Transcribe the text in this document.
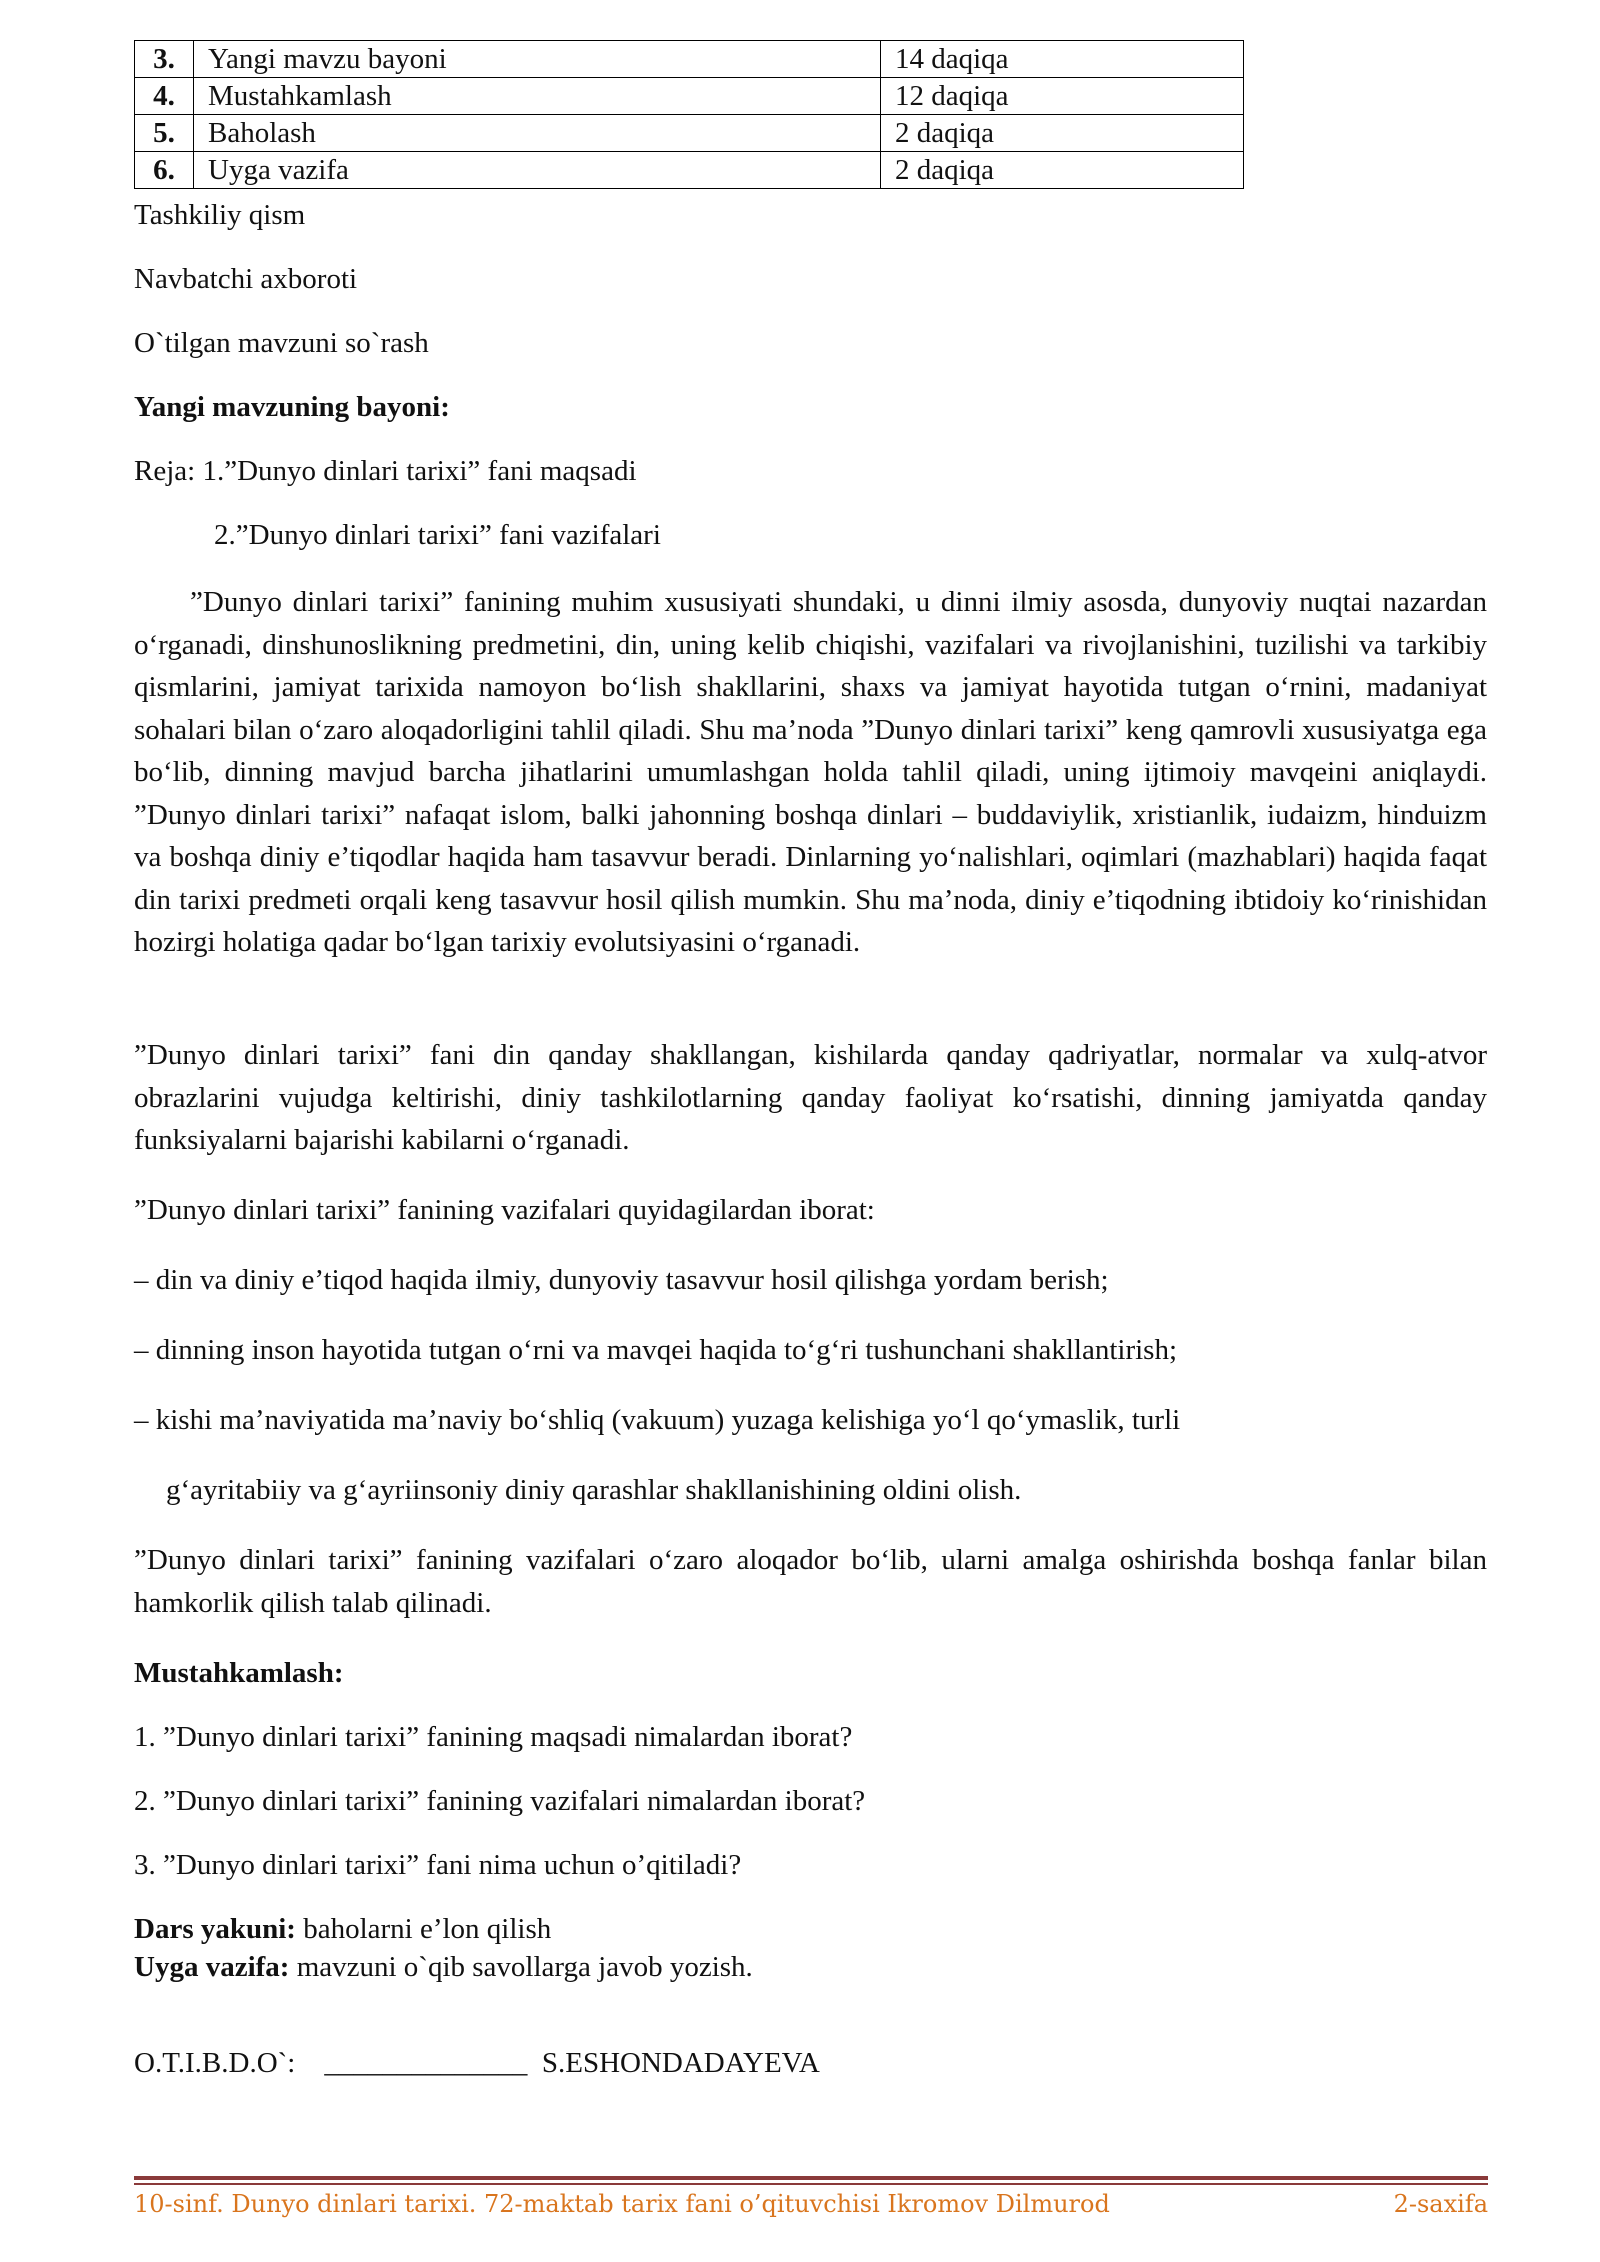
3.	Yangi mavzu bayoni	14 daqiqa
4.	Mustahkamlash	12 daqiqa
5.	Baholash	2 daqiqa
6.	Uyga vazifa	2 daqiqa

Tashkiliy qism

Navbatchi axboroti

O`tilgan mavzuni so`rash

Yangi mavzuning bayoni:

Reja: 1.”Dunyo dinlari tarixi” fani maqsadi

2.”Dunyo dinlari tarixi” fani vazifalari

”Dunyo dinlari tarixi” fanining muhim xususiyati shundaki, u dinni ilmiy asosda, dunyoviy nuqtai nazardan o‘rganadi, dinshunoslikning predmetini, din, uning kelib chiqishi, vazifalari va rivojlanishini, tuzilishi va tarkibiy qismlarini, jamiyat tarixida namoyon bo‘lish shakllarini, shaxs va jamiyat hayotida tutgan o‘rnini, madaniyat sohalari bilan o‘zaro aloqadorligini tahlil qiladi. Shu ma’noda ”Dunyo dinlari tarixi” keng qamrovli xususiyatga ega bo‘lib, dinning mavjud barcha jihatlarini umumlashgan holda tahlil qiladi, uning ijtimoiy mavqeini aniqlaydi. ”Dunyo dinlari tarixi” nafaqat islom, balki jahonning boshqa dinlari – buddaviylik, xristianlik, iudaizm, hinduizm va boshqa diniy e’tiqodlar haqida ham tasavvur beradi. Dinlarning yo‘nalishlari, oqimlari (mazhablari) haqida faqat din tarixi predmeti orqali keng tasavvur hosil qilish mumkin. Shu ma’noda, diniy e’tiqodning ibtidoiy ko‘rinishidan hozirgi holatiga qadar bo‘lgan tarixiy evolutsiyasini o‘rganadi.

”Dunyo dinlari tarixi” fani din qanday shakllangan, kishilarda qanday qadriyatlar, normalar va xulq-atvor obrazlarini vujudga keltirishi, diniy tashkilotlarning qanday faoliyat ko‘rsatishi, dinning jamiyatda qanday funksiyalarni bajarishi kabilarni o‘rganadi.

”Dunyo dinlari tarixi” fanining vazifalari quyidagilardan iborat:

– din va diniy e’tiqod haqida ilmiy, dunyoviy tasavvur hosil qilishga yordam berish;

– dinning inson hayotida tutgan o‘rni va mavqei haqida to‘g‘ri tushunchani shakllantirish;

– kishi ma’naviyatida ma’naviy bo‘shliq (vakuum) yuzaga kelishiga yo‘l qo‘ymaslik, turli

g‘ayritabiiy va g‘ayriinsoniy diniy qarashlar shakllanishining oldini olish.

”Dunyo dinlari tarixi” fanining vazifalari o‘zaro aloqador bo‘lib, ularni amalga oshirishda boshqa fanlar bilan hamkorlik qilish talab qilinadi.

Mustahkamlash:

1. ”Dunyo dinlari tarixi” fanining maqsadi nimalardan iborat?

2. ”Dunyo dinlari tarixi” fanining vazifalari nimalardan iborat?

3. ”Dunyo dinlari tarixi” fani nima uchun o’qitiladi?

Dars yakuni: baholarni e’lon qilish

Uyga vazifa: mavzuni o`qib savollarga javob yozish.

O.T.I.B.D.O`:    ______________  S.ESHONDADAYEVA

10-sinf. Dunyo dinlari tarixi. 72-maktab tarix fani o’qituvchisi Ikromov Dilmurod	2-saxifa
